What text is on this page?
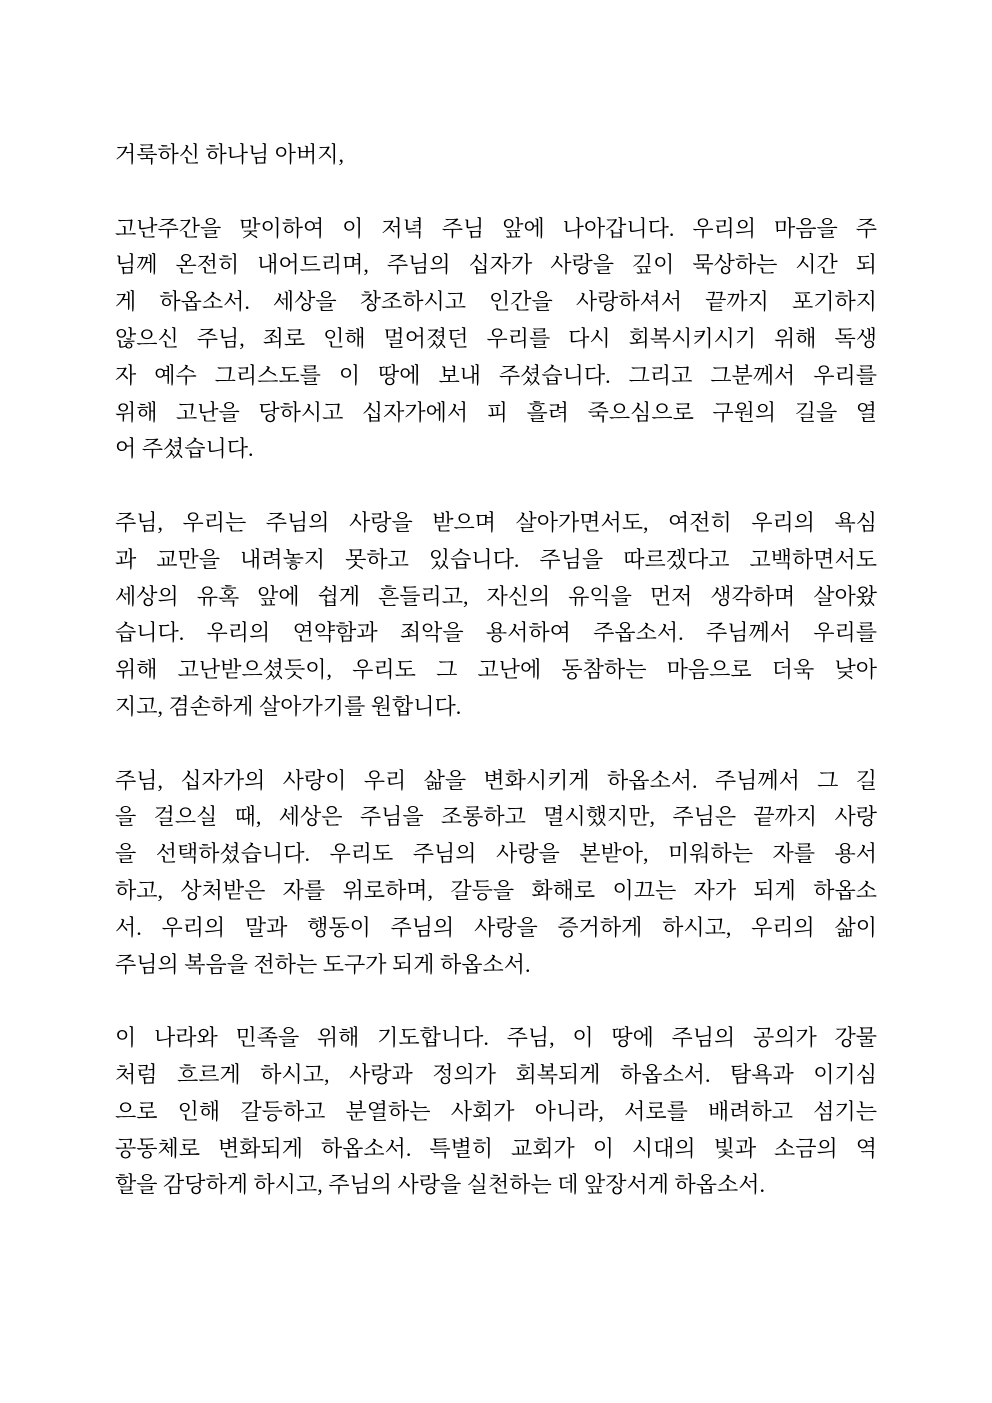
거룩하신 하나님 아버지,
고난주간을 맞이하여 이 저녁 주님 앞에 나아갑니다. 우리의 마음을 주
님께 온전히 내어드리며, 주님의 십자가 사랑을 깊이 묵상하는 시간 되
게 하옵소서. 세상을 창조하시고 인간을 사랑하셔서 끝까지 포기하지
않으신 주님, 죄로 인해 멀어졌던 우리를 다시 회복시키시기 위해 독생
자 예수 그리스도를 이 땅에 보내 주셨습니다. 그리고 그분께서 우리를
위해 고난을 당하시고 십자가에서 피 흘려 죽으심으로 구원의 길을 열
어 주셨습니다.
주님, 우리는 주님의 사랑을 받으며 살아가면서도, 여전히 우리의 욕심
과 교만을 내려놓지 못하고 있습니다. 주님을 따르겠다고 고백하면서도
세상의 유혹 앞에 쉽게 흔들리고, 자신의 유익을 먼저 생각하며 살아왔
습니다. 우리의 연약함과 죄악을 용서하여 주옵소서. 주님께서 우리를
위해 고난받으셨듯이, 우리도 그 고난에 동참하는 마음으로 더욱 낮아
지고, 겸손하게 살아가기를 원합니다.
주님, 십자가의 사랑이 우리 삶을 변화시키게 하옵소서. 주님께서 그 길
을 걸으실 때, 세상은 주님을 조롱하고 멸시했지만, 주님은 끝까지 사랑
을 선택하셨습니다. 우리도 주님의 사랑을 본받아, 미워하는 자를 용서
하고, 상처받은 자를 위로하며, 갈등을 화해로 이끄는 자가 되게 하옵소
서. 우리의 말과 행동이 주님의 사랑을 증거하게 하시고, 우리의 삶이
주님의 복음을 전하는 도구가 되게 하옵소서.
이 나라와 민족을 위해 기도합니다. 주님, 이 땅에 주님의 공의가 강물
처럼 흐르게 하시고, 사랑과 정의가 회복되게 하옵소서. 탐욕과 이기심
으로 인해 갈등하고 분열하는 사회가 아니라, 서로를 배려하고 섬기는
공동체로 변화되게 하옵소서. 특별히 교회가 이 시대의 빛과 소금의 역
할을 감당하게 하시고, 주님의 사랑을 실천하는 데 앞장서게 하옵소서.
